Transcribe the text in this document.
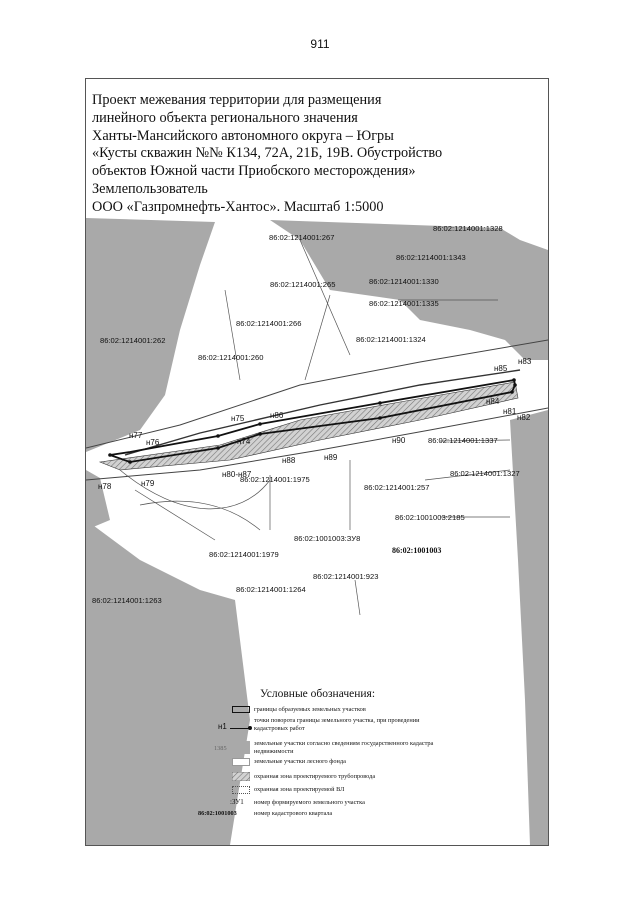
911
86:02:1214001:267
86:02:1214001:1328
86:02:1214001:1343
86:02:1214001:265	86:02:1214001:1330
86:02:1214001:1335
86:02:1214001:266
86:02:1214001:1324
86:02:1214001:262
86:02:1214001:260
86:02:1214001:1337
86:02:1214001:1327
86:02:1214001:1975
86:02:1214001:257
86:02:1001003:2185
86:02:1001003:ЗУ8
86:02:1214001:1979
86:02:1214001:923
86:02:1214001:1264
86:02:1214001:1263
86:02:1001003
н77
н76
н78	н79
н75	н86
н74
н80-н87
н88	н89
н90
н85
н83
н84
н81
н82
Проект межевания территории для размещения
линейного объекта регионального значения
Ханты-Мансийского автономного округа – Югры
«Кусты скважин №№ К134, 72А, 21Б, 19В. Обустройство
объектов Южной части Приобского месторождения»
Землепользователь
ООО «Газпромнефть-Хантос». Масштаб 1:5000
Условные обозначения:
границы образуемых земельных участков
н1
точки поворота границы земельного участка, при проведении кадастровых работ
1385
земельные участки согласно сведениям государственного кадастра недвижимости
земельные участки лесного фонда
охранная зона проектируемого трубопровода
охранная зона проектируемой ВЛ
:ЗУ1 номер формируемого земельного участка
86:02:1001003	номер кадастрового квартала
